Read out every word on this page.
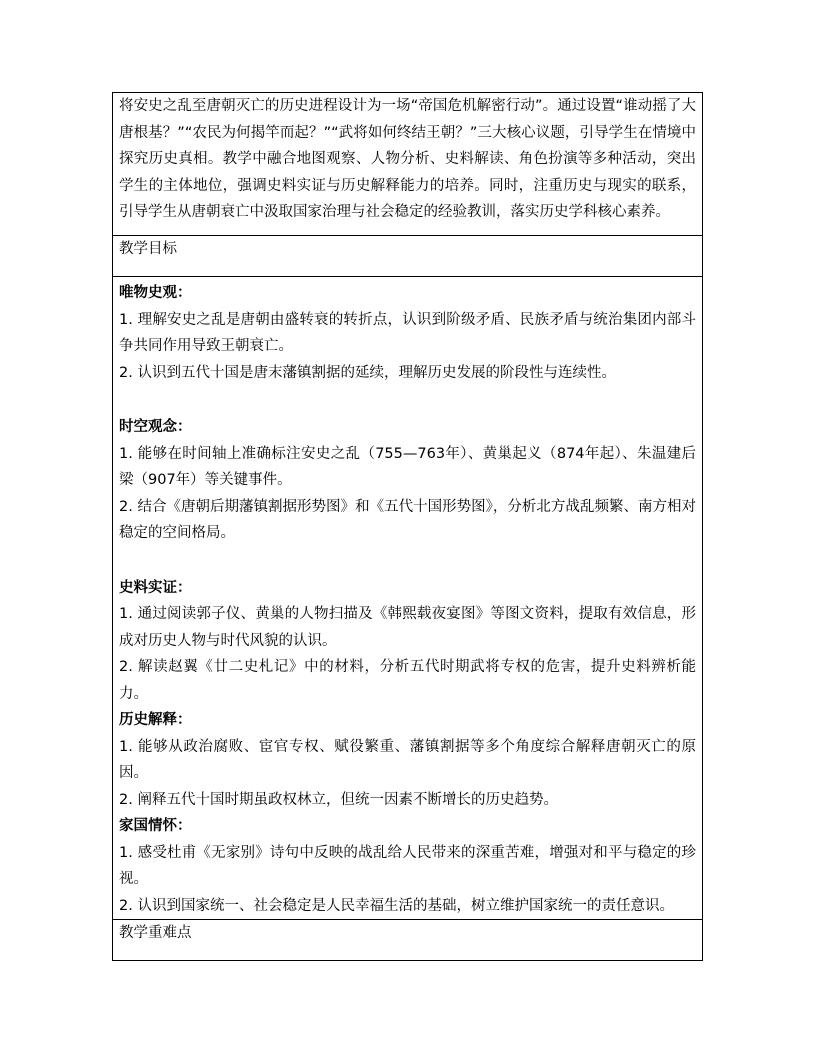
将安史之乱至唐朝灭亡的历史进程设计为一场“帝国危机解密行动”。通过设置“谁动摇了大唐根基？”“农民为何揭竿而起？”“武将如何终结王朝？”三大核心议题，引导学生在情境中探究历史真相。教学中融合地图观察、人物分析、史料解读、角色扮演等多种活动，突出学生的主体地位，强调史料实证与历史解释能力的培养。同时，注重历史与现实的联系，引导学生从唐朝衰亡中汲取国家治理与社会稳定的经验教训，落实历史学科核心素养。

教学目标

唯物史观：

1. 理解安史之乱是唐朝由盛转衰的转折点，认识到阶级矛盾、民族矛盾与统治集团内部斗争共同作用导致王朝衰亡。

2. 认识到五代十国是唐末藩镇割据的延续，理解历史发展的阶段性与连续性。

时空观念：

1. 能够在时间轴上准确标注安史之乱（755—763年）、黄巢起义（874年起）、朱温建后梁（907年）等关键事件。

2. 结合《唐朝后期藩镇割据形势图》和《五代十国形势图》，分析北方战乱频繁、南方相对稳定的空间格局。

史料实证：

1. 通过阅读郭子仪、黄巢的人物扫描及《韩熙载夜宴图》等图文资料，提取有效信息，形成对历史人物与时代风貌的认识。

2. 解读赵翼《廿二史札记》中的材料，分析五代时期武将专权的危害，提升史料辨析能力。

历史解释：

1. 能够从政治腐败、宦官专权、赋役繁重、藩镇割据等多个角度综合解释唐朝灭亡的原因。

2. 阐释五代十国时期虽政权林立，但统一因素不断增长的历史趋势。

家国情怀：

1. 感受杜甫《无家别》诗句中反映的战乱给人民带来的深重苦难，增强对和平与稳定的珍视。

2. 认识到国家统一、社会稳定是人民幸福生活的基础，树立维护国家统一的责任意识。

教学重难点
